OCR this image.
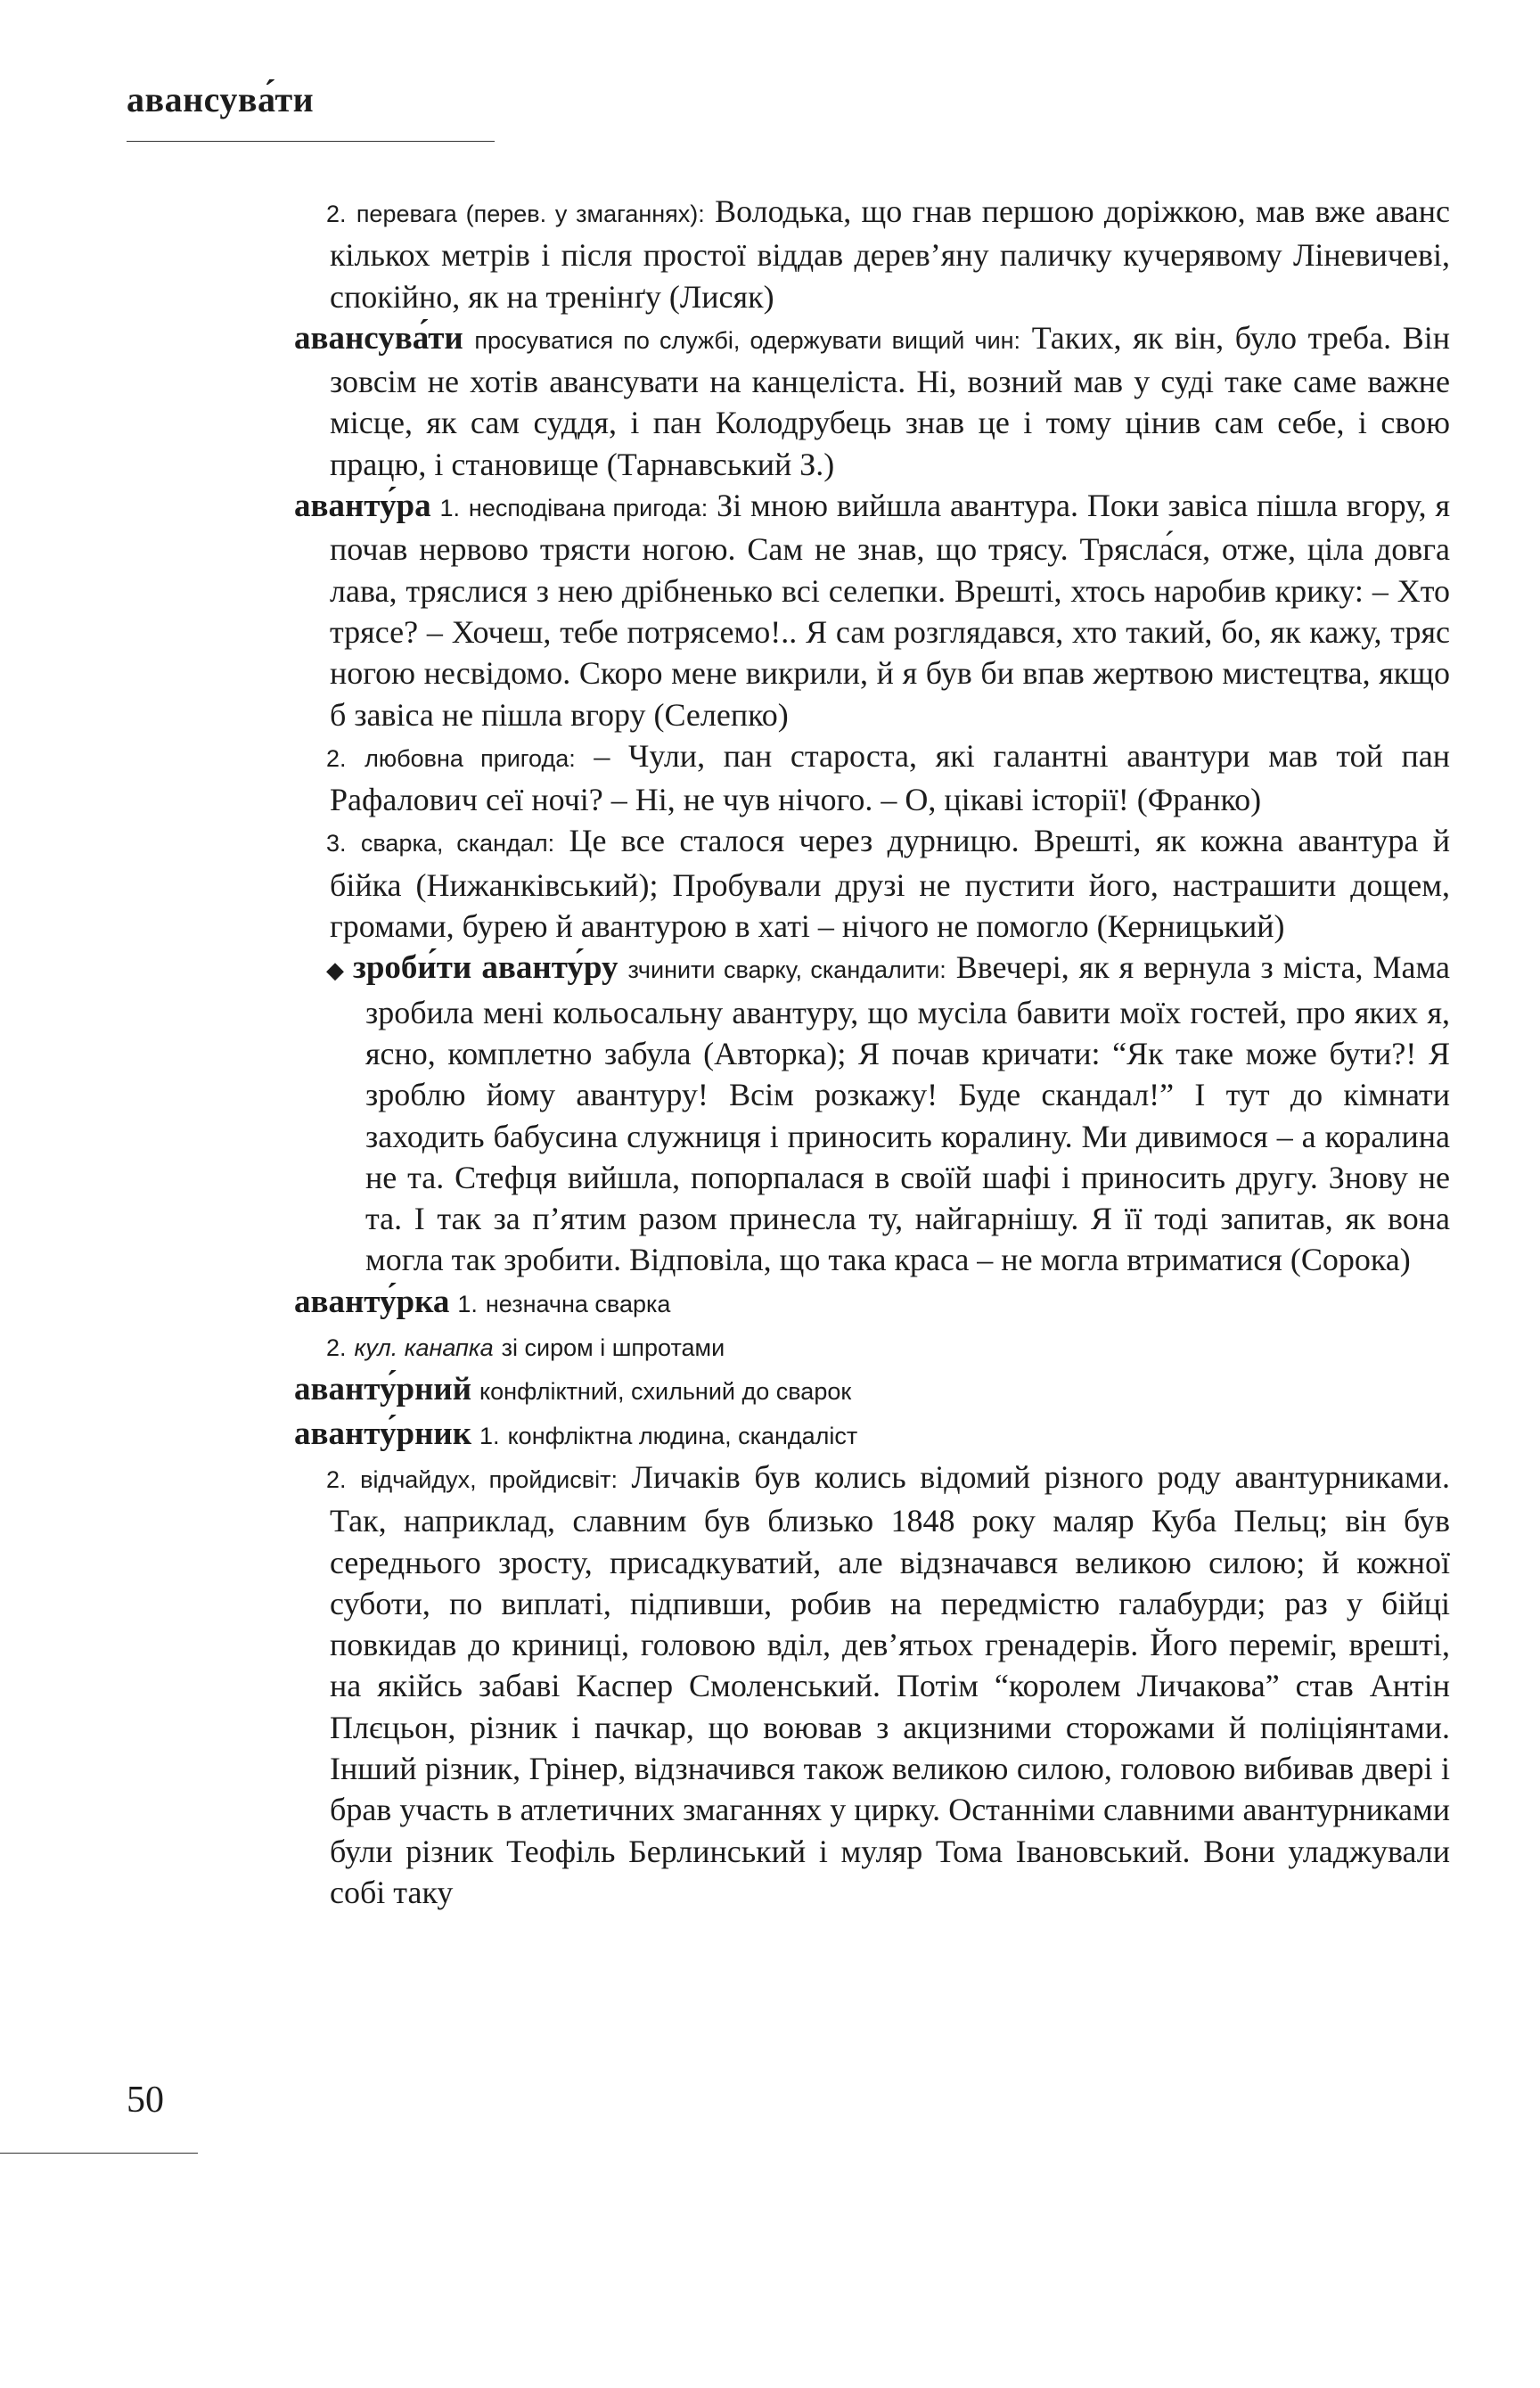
авансува́ти

2. перевага (перев. у змаганнях): Володька, що гнав першою доріжкою, мав вже аванс кількох метрів і після простої віддав дерев’яну паличку кучерявому Ліневичеві, спокійно, як на тренінґу (Лисяк)

авансува́ти просуватися по службі, одержувати вищий чин: Таких, як він, було треба. Він зовсім не хотів авансувати на канцеліста. Ні, возний мав у суді таке саме важне місце, як сам суддя, і пан Колодрубець знав це і тому цінив сам себе, і свою працю, і становище (Тарнавський З.)

аванту́ра 1. несподівана пригода: Зі мною вийшла авантура. Поки завіса пішла вгору, я почав нервово трясти ногою. Сам не знав, що трясу. Трясла́ся, отже, ціла довга лава, тряслися з нею дрібненько всі селепки. Врешті, хтось наробив крику: – Хто трясе? – Хочеш, тебе потрясемо!.. Я сам розглядався, хто такий, бо, як кажу, тряс ногою несвідомо. Скоро мене викрили, й я був би впав жертвою мистецтва, якщо б завіса не пішла вгору (Селепко)

2. любовна пригода: – Чули, пан староста, які галантні авантури мав той пан Рафалович сеї ночі? – Ні, не чув нічого. – О, цікаві історії! (Франко)

3. сварка, скандал: Це все сталося через дурницю. Врешті, як кожна авантура й бійка (Нижанківський); Пробували друзі не пустити його, настрашити дощем, громами, бурею й авантурою в хаті – нічого не помогло (Керницький)

◆ зроби́ти аванту́ру зчинити сварку, скандалити: Ввечері, як я вернула з міста, Мама зробила мені кольосальну авантуру, що мусіла бавити моїх гостей, про яких я, ясно, комплетно забула (Авторка); Я почав кричати: “Як таке може бути?! Я зроблю йому авантуру! Всім розкажу! Буде скандал!” І тут до кімнати заходить бабусина служниця і приносить коралину. Ми дивимося – а коралина не та. Стефця вийшла, попорпалася в своїй шафі і приносить другу. Знову не та. І так за п’ятим разом принесла ту, найгарнішу. Я її тоді запитав, як вона могла так зробити. Відповіла, що така краса – не могла втриматися (Сорока)

аванту́рка 1. незначна сварка

2. кул. канапка зі сиром і шпротами

аванту́рний конфліктний, схильний до сварок

аванту́рник 1. конфліктна людина, скандаліст

2. відчайдух, пройдисвіт: Личаків був колись відомий різного роду авантурниками. Так, наприклад, славним був близько 1848 року маляр Куба Пельц; він був середнього зросту, присадкуватий, але відзначався великою силою; й кожної суботи, по виплаті, підпивши, робив на передмістю галабурди; раз у бійці повкидав до криниці, головою вділ, дев’ятьох гренадерів. Його переміг, врешті, на якійсь забаві Каспер Смоленський. Потім “королем Личакова” став Антін Плєцьон, різник і пачкар, що воював з акцизними сторожами й поліціянтами. Інший різник, Грінер, відзначився також великою силою, головою вибивав двері і брав участь в атлетичних змаганнях у цирку. Останніми славними авантурниками були різник Теофіль Берлинський і муляр Тома Івановський. Вони уладжували собі таку

50
